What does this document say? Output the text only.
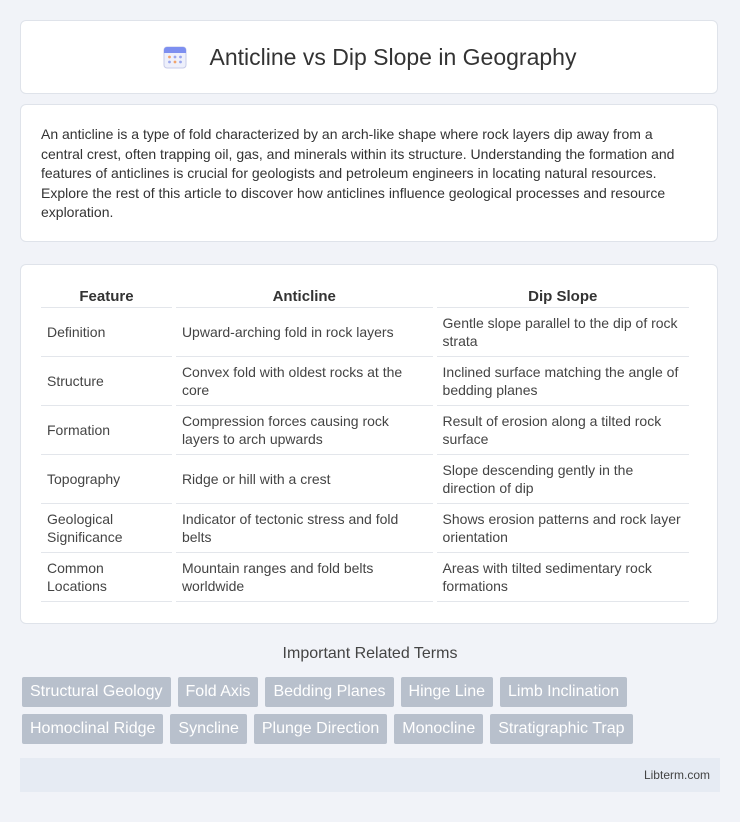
Anticline vs Dip Slope in Geography

An anticline is a type of fold characterized by an arch-like shape where rock layers dip away from a central crest, often trapping oil, gas, and minerals within its structure. Understanding the formation and features of anticlines is crucial for geologists and petroleum engineers in locating natural resources. Explore the rest of this article to discover how anticlines influence geological processes and resource exploration.

Feature	Anticline	Dip Slope
Definition	Upward-arching fold in rock layers	Gentle slope parallel to the dip of rock strata
Structure	Convex fold with oldest rocks at the core	Inclined surface matching the angle of bedding planes
Formation	Compression forces causing rock layers to arch upwards	Result of erosion along a tilted rock surface
Topography	Ridge or hill with a crest	Slope descending gently in the direction of dip
Geological Significance	Indicator of tectonic stress and fold belts	Shows erosion patterns and rock layer orientation
Common Locations	Mountain ranges and fold belts worldwide	Areas with tilted sedimentary rock formations
Important Related Terms
Structural Geology	Fold Axis	Bedding Planes	Hinge Line	Limb Inclination
Homoclinal Ridge	Syncline	Plunge Direction	Monocline	Stratigraphic Trap
Libterm.com
